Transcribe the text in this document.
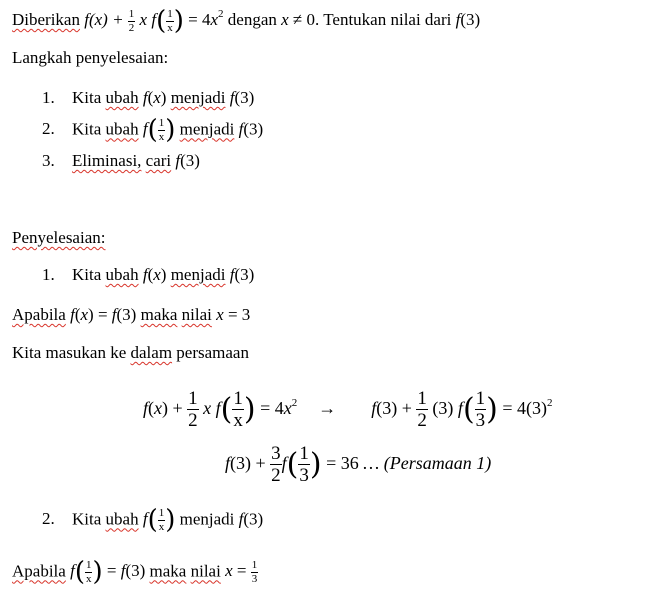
Diberikan $f(x) + \frac{1}{2}$ x $f( \frac{1}{x}$ ) = $4x^2$ dengan x ≠ 0. Tentukan nilai dari f(3)
Langkah penyelesaian:
1. Kita ubah f(x) menjadi f(3)
2. Kita ubah $f( \frac{1}{x}$ ) menjadi f(3)
3. Eliminasi, cari f(3)
Penyelesaian:
1. Kita ubah f(x) menjadi f(3)
Apabila f(x) = f(3) maka nilai x = 3
Kita masukan ke dalam persamaan
$f(x) + \frac{1}{2}$ x $f( \frac{1}{x}$ ) = $4x^2 \to f(3) + \frac{1}{2} (3)$ $f( \frac{1}{3}$ ) = $4(3)^2$
$f(3) + \frac{3}{2} f( \frac{1}{3}$ ) = 36 … (Persamaan 1)
2. Kita ubah $f( \frac{1}{x}$ ) menjadi f(3)
Apabila $f( \frac{1}{x}$ ) = f(3) maka nilai $x = \frac{1}{3}$
